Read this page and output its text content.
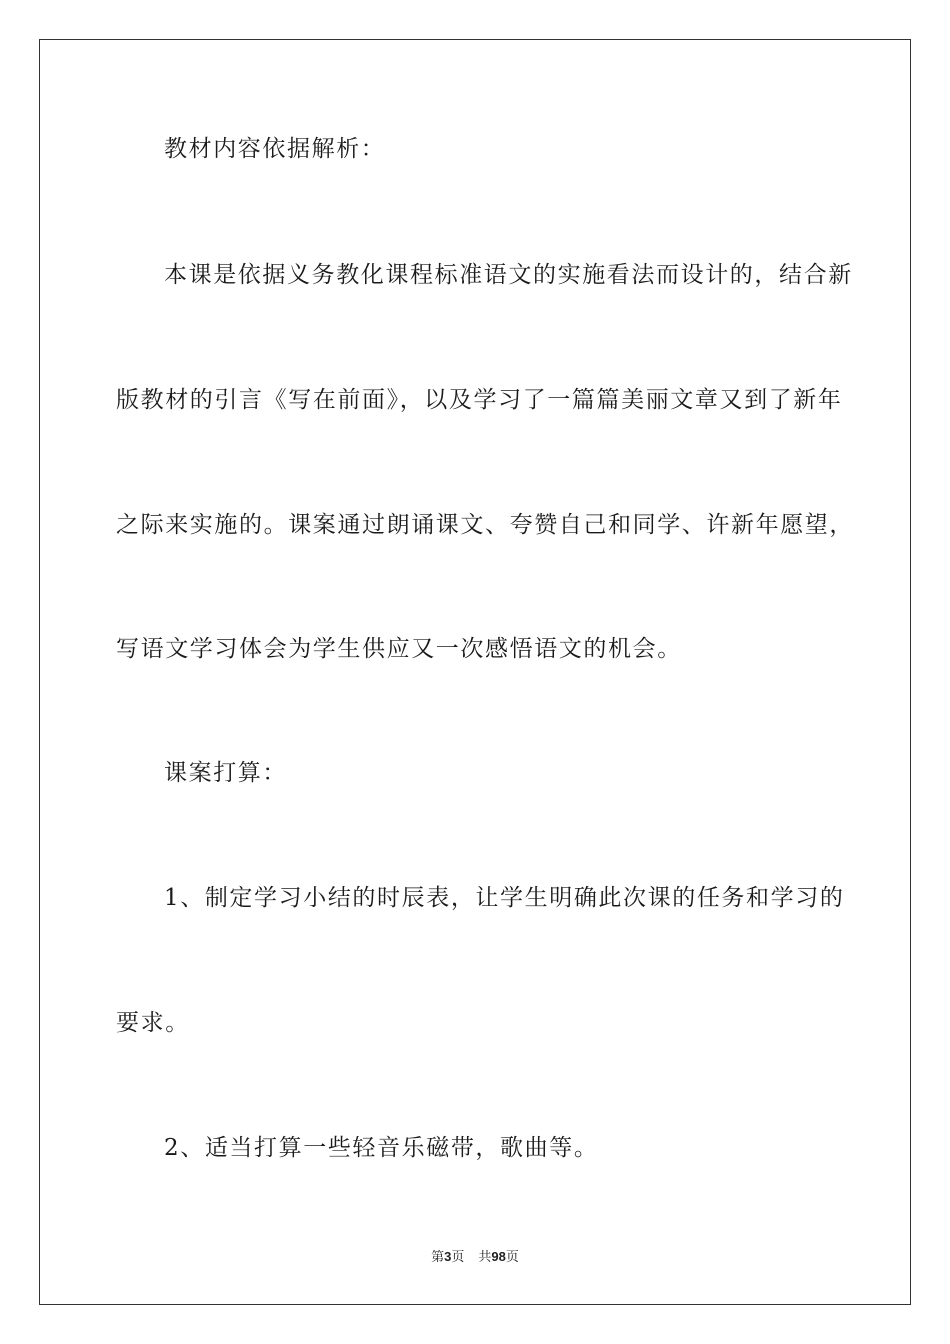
教材内容依据解析：
本课是依据义务教化课程标准语文的实施看法而设计的，结合新
版教材的引言《写在前面》，以及学习了一篇篇美丽文章又到了新年
之际来实施的。课案通过朗诵课文、夸赞自己和同学、许新年愿望，
写语文学习体会为学生供应又一次感悟语文的机会。
课案打算：
1、制定学习小结的时辰表，让学生明确此次课的任务和学习的
要求。
2、适当打算一些轻音乐磁带，歌曲等。
第3页 共98页
